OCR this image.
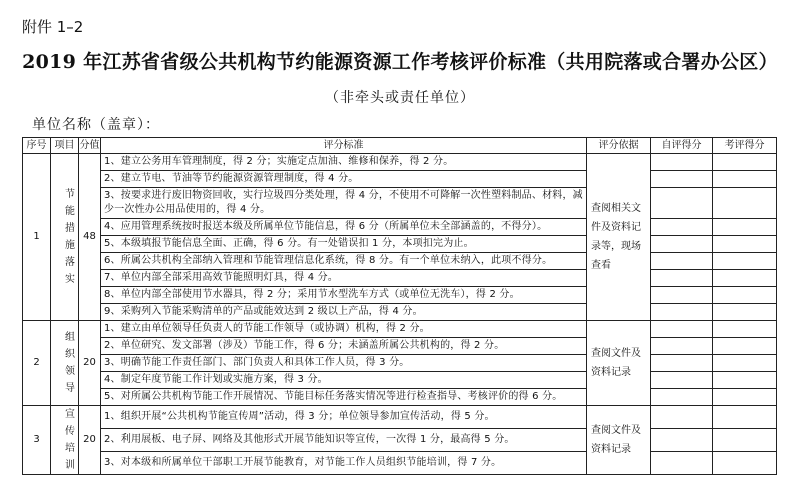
附件 1–2
2019 年江苏省省级公共机构节约能源资源工作考核评价标准（共用院落或合署办公区）
（非牵头或责任单位）
单位名称（盖章）：
序号	项目	分值	评分标准	评分依据	自评得分	考评得分
1	节能措施落实	48	1、建立公务用车管理制度，得 2 分；实施定点加油、维修和保养，得 2 分。	查阅相关文件及资料记录等，现场查看		
			2、建立节电、节油等节约能源资源管理制度，得 4 分。			
			3、按要求进行废旧物资回收，实行垃圾四分类处理，得 4 分，不使用不可降解一次性塑料制品、材料，减少一次性办公用品使用的，得 4 分。			
			4、应用管理系统按时报送本级及所属单位节能信息，得 6 分（所属单位未全部涵盖的，不得分）。			
			5、本级填报节能信息全面、正确，得 6 分。有一处错误扣 1 分，本项扣完为止。			
			6、所属公共机构全部纳入管理和节能管理信息化系统，得 8 分。有一个单位未纳入，此项不得分。			
			7、单位内部全部采用高效节能照明灯具，得 4 分。			
			8、单位内部全部使用节水器具，得 2 分；采用节水型洗车方式（或单位无洗车），得 2 分。			
			9、采购列入节能采购清单的产品或能效达到 2 级以上产品，得 4 分。			
2	组织领导	20	1、建立由单位领导任负责人的节能工作领导（或协调）机构，得 2 分。	查阅文件及资料记录		
			2、单位研究、发文部署（涉及）节能工作，得 6 分；未涵盖所属公共机构的，得 2 分。			
			3、明确节能工作责任部门、部门负责人和具体工作人员，得 3 分。			
			4、制定年度节能工作计划或实施方案，得 3 分。			
			5、对所属公共机构节能工作开展情况、节能目标任务落实情况等进行检查指导、考核评价的得 6 分。			
3	宣传培训	20	1、组织开展“公共机构节能宣传周”活动，得 3 分；单位领导参加宣传活动，得 5 分。	查阅文件及资料记录		
			2、利用展板、电子屏、网络及其他形式开展节能知识等宣传，一次得 1 分，最高得 5 分。			
			3、对本级和所属单位干部职工开展节能教育，对节能工作人员组织节能培训，得 7 分。			
